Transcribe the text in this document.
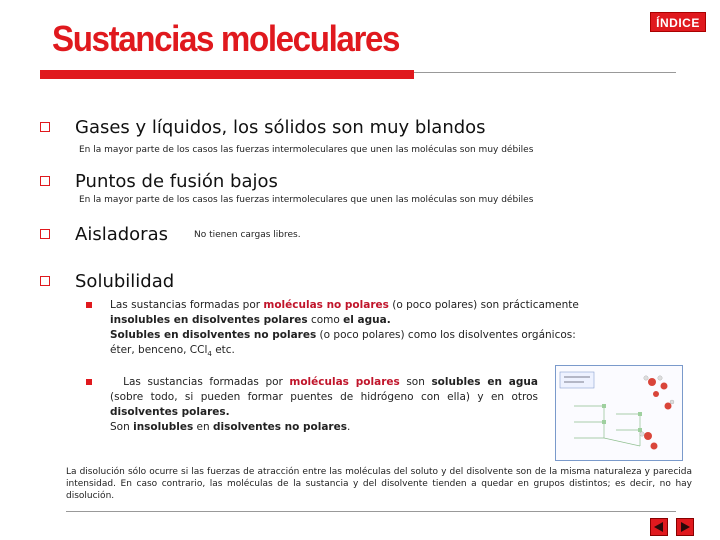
Sustancias moleculares	ÍNDICE
Gases y líquidos, los sólidos son muy blandos
En la mayor parte de los casos las fuerzas intermoleculares que unen las moléculas son muy débiles
Puntos de fusión bajos
En la mayor parte de los casos las fuerzas intermoleculares que unen las moléculas son muy débiles
Aisladoras	No tienen cargas libres.
Solubilidad
Las sustancias formadas por moléculas no polares (o poco polares) son prácticamente
insolubles en disolventes polares como el agua.
Solubles en disolventes no polares (o poco polares) como los disolventes orgánicos:
éter, benceno, CCl$_4$ etc.
Las sustancias formadas por moléculas polares son solubles en agua (sobre todo, si pueden formar puentes de hidrógeno con ella) y en otros disolventes polares.
Son insolubles en disolventes no polares.
La disolución sólo ocurre si las fuerzas de atracción entre las moléculas del soluto y del disolvente son de la misma naturaleza y parecida intensidad. En caso contrario, las moléculas de la sustancia y del disolvente tienden a quedar en grupos distintos; es decir, no hay disolución.
